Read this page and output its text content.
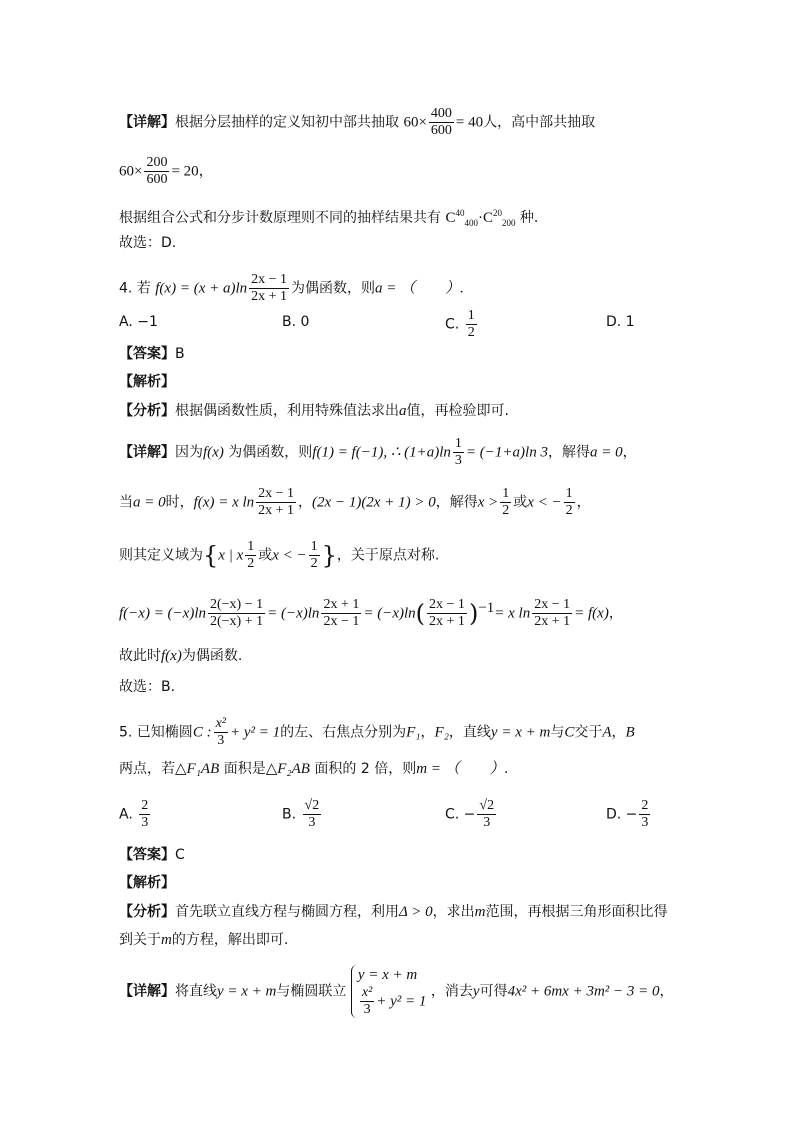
【详解】根据分层抽样的定义知初中部共抽取 $60\times \frac{400}{600} = 40$人，高中部共抽取
$60\times \frac{200}{600} = 20$，
根据组合公式和分步计数原理则不同的抽样结果共有 $C^{40}_{400}\cdot C^{20}_{200}$ 种.
故选：D.
4. 若 $f(x) = (x + a)\ln \frac{2x - 1}{2x + 1}$ 为偶函数，则a = （　　）.
A. −1	B. 0	C. $\frac{1}{2}$	D. 1
【答案】B
【解析】
【分析】根据偶函数性质，利用特殊值法求出a值，再检验即可.
【详解】因为f(x) 为偶函数，则f(1) = f(−1), ∴ $(1+a)\ln \frac{1}{3} = (-1+a)\ln$ 3，解得a = 0，
当a = 0时，f(x) = x $\ln \frac{2x - 1}{2x + 1}$ ，(2x − 1)(2x + 1) > 0，解得$x > \frac{1}{2}$ 或x < − $\frac{1}{2}$ ，
则其定义域为{x | x $\frac{1}{2}$ 或x < − $\frac{1}{2}$ }，关于原点对称.
$f(-x) = (-x)\ln \frac{2(-x) - 1}{2(-x) + 1} = (-x)\ln \frac{2x + 1}{2x - 1} = (-x)\ln( \frac{2x - 1}{2x + 1} )^{-1}= x$ $\ln \frac{2x - 1}{2x + 1} = f(x)$，
故此时f(x)为偶函数.
故选：B.
5. 已知椭圆C : $\frac{\text{x²}}{3} + y^2 = 1$的左、右焦点分别为F₁，F₂，直线y = x + m与C交于A，B
两点，若△F₁AB 面积是△F₂AB 面积的 2 倍，则m = （　　）.
A. $\frac{2}{3}$	B. $\frac{√2}{3}$	C. − $\frac{√2}{3}$	D. − $\frac{2}{3}$
【答案】C
【解析】
【分析】首先联立直线方程与椭圆方程，利用Δ > 0，求出m范围，再根据三角形面积比得
到关于m的方程，解出即可.
【详解】将直线y = x + m与椭圆联立
y = x + m
$\frac{\text{x²}}{3} + y^2 = 1$
，消去y可得4x² + 6mx + 3m² − 3 = 0，
